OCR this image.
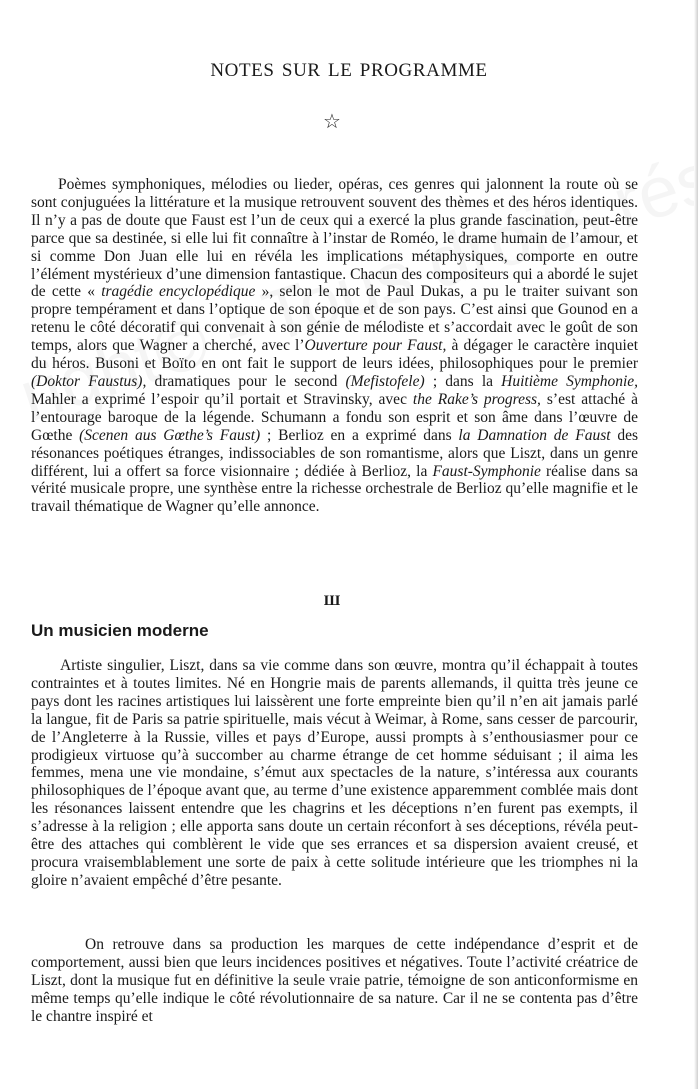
NOTES SUR LE PROGRAMME
☆

Poèmes symphoniques, mélodies ou lieder, opéras, ces genres qui jalonnent la route où se sont conjuguées la littérature et la musique retrouvent souvent des thèmes et des héros identiques. Il n’y a pas de doute que Faust est l’un de ceux qui a exercé la plus grande fascination, peut-être parce que sa destinée, si elle lui fit connaître à l’instar de Roméo, le drame humain de l’amour, et si comme Don Juan elle lui en révéla les implications métaphysiques, comporte en outre l’élément mystérieux d’une dimension fantastique. Chacun des compositeurs qui a abordé le sujet de cette « tragédie encyclopédique », selon le mot de Paul Dukas, a pu le traiter suivant son propre tempérament et dans l’optique de son époque et de son pays. C’est ainsi que Gounod en a retenu le côté décoratif qui convenait à son génie de mélodiste et s’accordait avec le goût de son temps, alors que Wagner a cherché, avec l’Ouverture pour Faust, à dégager le caractère inquiet du héros. Busoni et Boïto en ont fait le support de leurs idées, philosophiques pour le premier (Doktor Faustus), dramatiques pour le second (Mefistofele) ; dans la Huitième Symphonie, Mahler a exprimé l’espoir qu’il portait et Stravinsky, avec the Rake’s progress, s’est attaché à l’entourage baroque de la légende. Schumann a fondu son esprit et son âme dans l’œuvre de Gœthe (Scenen aus Gœthe’s Faust) ; Berlioz en a exprimé dans la Damnation de Faust des résonances poétiques étranges, indissociables de son romantisme, alors que Liszt, dans un genre différent, lui a offert sa force visionnaire ; dédiée à Berlioz, la Faust-Symphonie réalise dans sa vérité musicale propre, une synthèse entre la richesse orchestrale de Berlioz qu’elle magnifie et le travail thématique de Wagner qu’elle annonce.

Ш
Un musicien moderne

Artiste singulier, Liszt, dans sa vie comme dans son œuvre, montra qu’il échappait à toutes contraintes et à toutes limites. Né en Hongrie mais de parents allemands, il quitta très jeune ce pays dont les racines artistiques lui laissèrent une forte empreinte bien qu’il n’en ait jamais parlé la langue, fit de Paris sa patrie spirituelle, mais vécut à Weimar, à Rome, sans cesser de parcourir, de l’Angleterre à la Russie, villes et pays d’Europe, aussi prompts à s’enthousiasmer pour ce prodigieux virtuose qu’à succomber au charme étrange de cet homme séduisant ; il aima les femmes, mena une vie mondaine, s’émut aux spectacles de la nature, s’intéressa aux courants philosophiques de l’époque avant que, au terme d’une existence apparemment comblée mais dont les résonances laissent entendre que les chagrins et les déceptions n’en furent pas exempts, il s’adresse à la religion ; elle apporta sans doute un certain réconfort à ses déceptions, révéla peut-être des attaches qui comblèrent le vide que ses errances et sa dispersion avaient creusé, et procura vraisemblablement une sorte de paix à cette solitude intérieure que les triomphes ni la gloire n’avaient empêché d’être pesante.

On retrouve dans sa production les marques de cette indépendance d’esprit et de comportement, aussi bien que leurs incidences positives et négatives. Toute l’activité créatrice de Liszt, dont la musique fut en définitive la seule vraie patrie, témoigne de son anticonformisme en même temps qu’elle indique le côté révolutionnaire de sa nature. Car il ne se contenta pas d’être le chantre inspiré et
